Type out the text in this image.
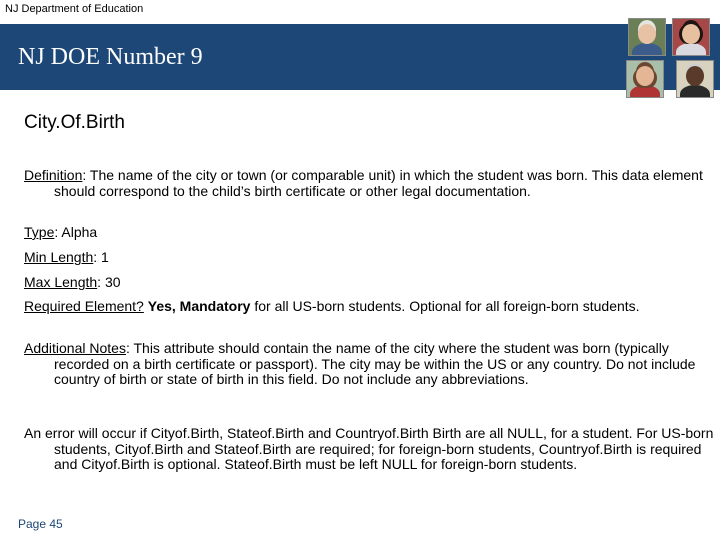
NJ Department of Education
NJ DOE Number 9
City.Of.Birth
Definition: The name of the city or town (or comparable unit) in which the student was born. This data element should correspond to the child’s birth certificate or other legal documentation.
Type: Alpha
Min Length: 1
Max Length: 30
Required Element? Yes, Mandatory for all US-born students. Optional for all foreign-born students.
Additional Notes: This attribute should contain the name of the city where the student was born (typically recorded on a birth certificate or passport). The city may be within the US or any country. Do not include country of birth or state of birth in this field. Do not include any abbreviations.
An error will occur if Cityof.Birth, Stateof.Birth and Countryof.Birth Birth are all NULL, for a student. For US-born students, Cityof.Birth and Stateof.Birth are required; for foreign-born students, Countryof.Birth is required and Cityof.Birth is optional. Stateof.Birth must be left NULL for foreign-born students.
Page 45
